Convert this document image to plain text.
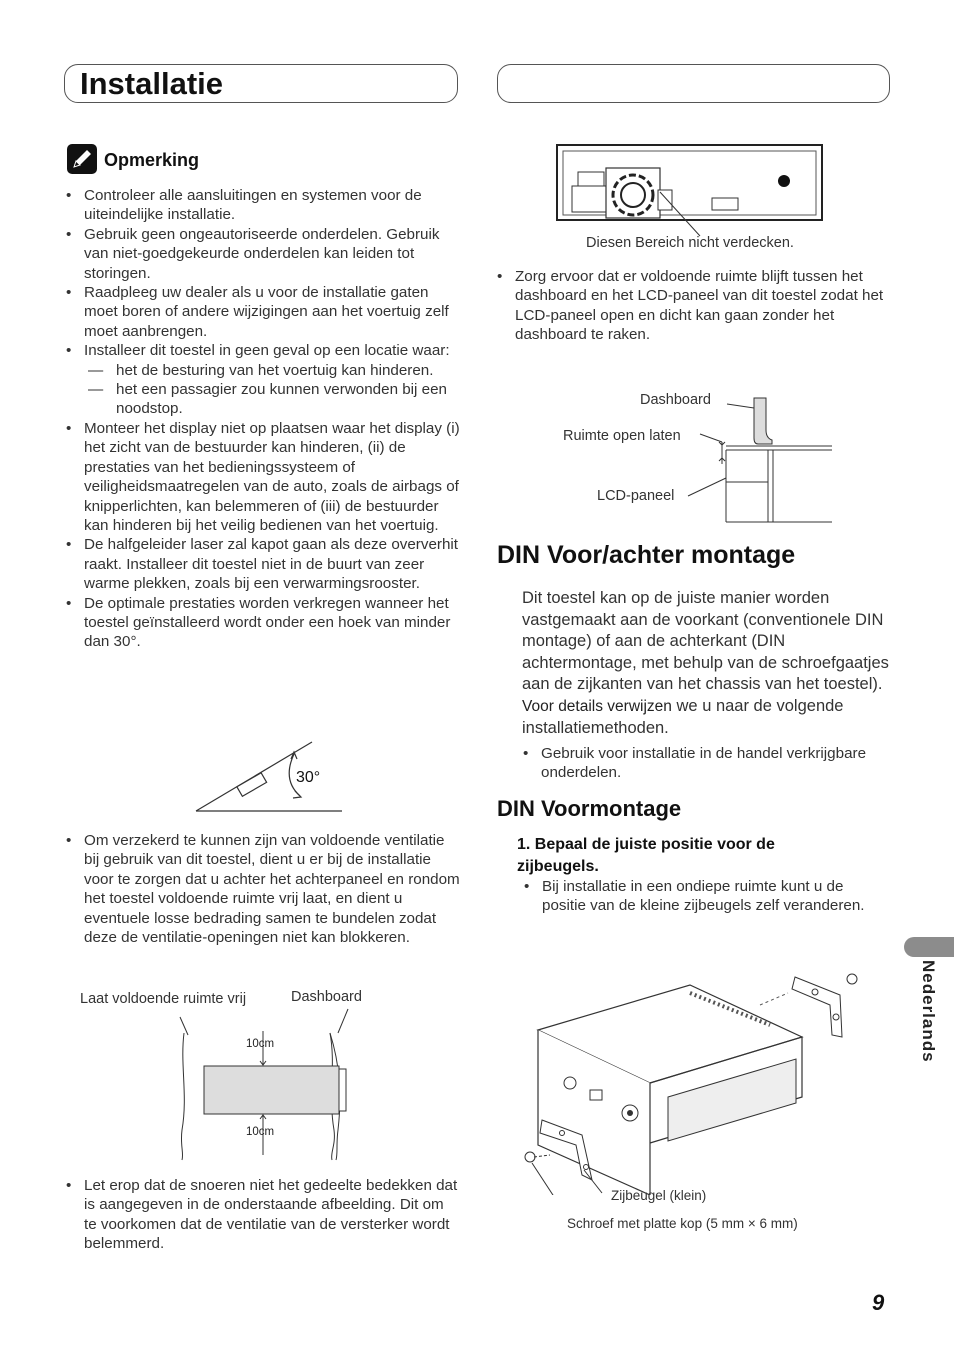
Installatie
Opmerking
• Controleer alle aansluitingen en systemen voor de uiteindelijke installatie.
• Gebruik geen ongeautoriseerde onderdelen. Gebruik van niet-goedgekeurde onderdelen kan leiden tot storingen.
• Raadpleeg uw dealer als u voor de installatie gaten moet boren of andere wijzigingen aan het voertuig zelf moet aanbrengen.
• Installeer dit toestel in geen geval op een locatie waar:
— het de besturing van het voertuig kan hinderen.
— het een passagier zou kunnen verwonden bij een noodstop.
• Monteer het display niet op plaatsen waar het display (i) het zicht van de bestuurder kan hinderen, (ii) de prestaties van het bedieningssysteem of veiligheidsmaatregelen van de auto, zoals de airbags of knipperlichten, kan belemmeren of (iii) de bestuurder kan hinderen bij het veilig bedienen van het voertuig.
• De halfgeleider laser zal kapot gaan als deze oververhit raakt. Installeer dit toestel niet in de buurt van zeer warme plekken, zoals bij een verwarmingsrooster.
• De optimale prestaties worden verkregen wanneer het toestel geïnstalleerd wordt onder een hoek van minder dan 30°.
30°
• Om verzekerd te kunnen zijn van voldoende ventilatie bij gebruik van dit toestel, dient u er bij de installatie voor te zorgen dat u achter het achterpaneel en rondom het toestel voldoende ruimte vrij laat, en dient u eventuele losse bedrading samen te bundelen zodat deze de ventilatie-openingen niet kan blokkeren.
Laat voldoende ruimte vrij	Dashboard
10cm
10cm
• Let erop dat de snoeren niet het gedeelte bedekken dat is aangegeven in de onderstaande afbeelding. Dit om te voorkomen dat de ventilatie van de versterker wordt belemmerd.
Diesen Bereich nicht verdecken.
• Zorg ervoor dat er voldoende ruimte blijft tussen het dashboard en het LCD-paneel van dit toestel zodat het LCD-paneel open en dicht kan gaan zonder het dashboard te raken.
Dashboard
Ruimte open laten
LCD-paneel
DIN Voor/achter montage
Dit toestel kan op de juiste manier worden vastgemaakt aan de voorkant (conventionele DIN montage) of aan de achterkant (DIN achtermontage, met behulp van de schroefgaatjes aan de zijkanten van het chassis van het toestel). Voor details verwijzen we u naar de volgende installatiemethoden.
• Gebruik voor installatie in de handel verkrijgbare onderdelen.
DIN Voormontage
1. Bepaal de juiste positie voor de zijbeugels.
• Bij installatie in een ondiepe ruimte kunt u de positie van de kleine zijbeugels zelf veranderen.
Zijbeugel (klein)
Schroef met platte kop (5 mm × 6 mm)
Nederlands
9
